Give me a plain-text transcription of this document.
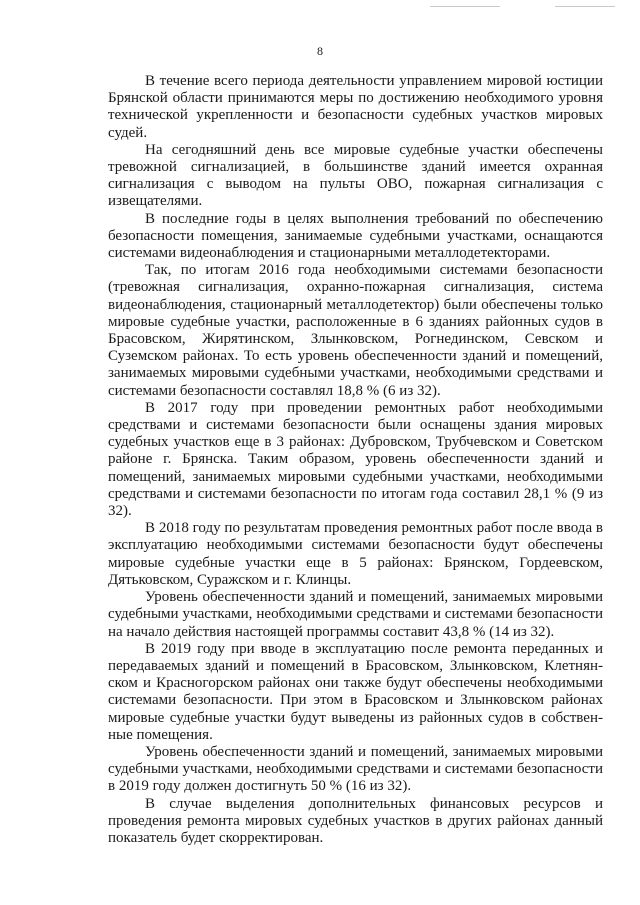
8

В течение всего периода деятельности управлением мировой юстиции Брянской области принимаются меры по достижению необходимого уровня технической укрепленности и безопасности судебных участков мировых судей.

На сегодняшний день все мировые судебные участки обеспечены тревожной сигнализацией, в большинстве зданий имеется охранная сигнализация с выводом на пульты ОВО, пожарная сигнализация с извещателями.

В последние годы в целях выполнения требований по обеспечению безопасности помещения, занимаемые судебными участками, оснащаются системами видеонаблюдения и стационарными металлодетекторами.

Так, по итогам 2016 года необходимыми системами безопасности (тревожная сигнализация, охранно-пожарная сигнализация, система видеонаблюдения, стационарный металлодетектор) были обеспечены только мировые судебные участки, расположенные в 6 зданиях районных судов в Брасовском, Жирятинском, Злынковском, Рогнединском, Севском и Суземском районах. То есть уровень обеспеченности зданий и помещений, занимаемых мировыми судебными участками, необходимыми средствами и системами безопасности составлял 18,8 % (6 из 32).

В 2017 году при проведении ремонтных работ необходимыми средствами и системами безопасности были оснащены здания мировых судебных участков еще в 3 районах: Дубровском, Трубчевском и Советском районе г. Брянска. Таким образом, уровень обеспеченности зданий и помещений, занимаемых мировыми судебными участками, необходимыми средствами и системами безопасности по итогам года составил 28,1 % (9 из 32).

В 2018 году по результатам проведения ремонтных работ после ввода в эксплуатацию необходимыми системами безопасности будут обеспечены мировые судебные участки еще в 5 районах: Брянском, Гордеевском, Дятьковском, Суражском и г. Клинцы.

Уровень обеспеченности зданий и помещений, занимаемых мировыми судебными участками, необходимыми средствами и системами безопасности на начало действия настоящей программы составит 43,8 % (14 из 32).

В 2019 году при вводе в эксплуатацию после ремонта переданных и передаваемых зданий и помещений в Брасовском, Злынковском, Клетнянском и Красногорском районах они также будут обеспечены необходимыми системами безопасности. При этом в Брасовском и Злынковском районах мировые судебные участки будут выведены из районных судов в собственные помещения.

Уровень обеспеченности зданий и помещений, занимаемых мировыми судебными участками, необходимыми средствами и системами безопасности в 2019 году должен достигнуть 50 % (16 из 32).

В случае выделения дополнительных финансовых ресурсов и проведения ремонта мировых судебных участков в других районах данный показатель будет скорректирован.
